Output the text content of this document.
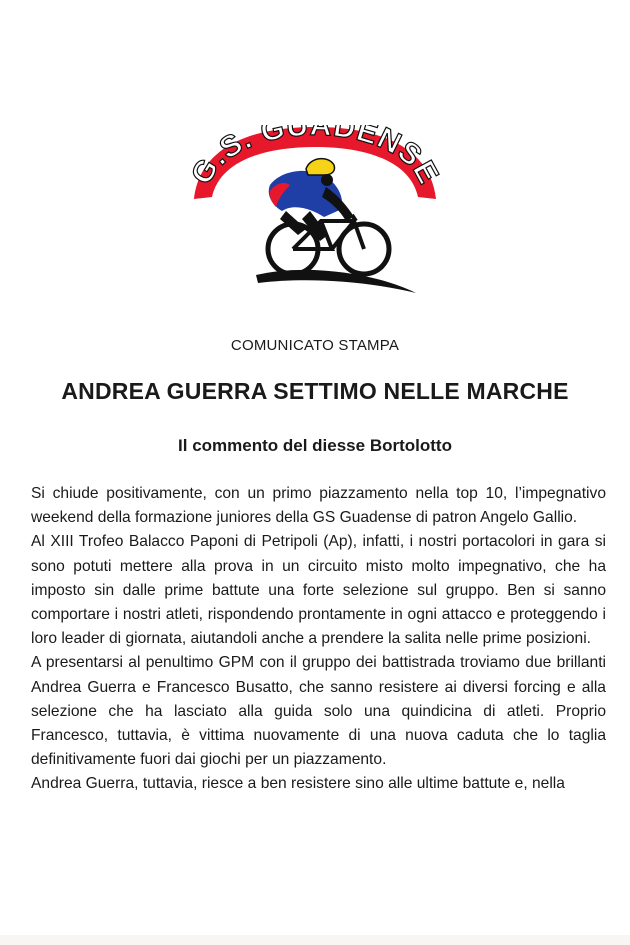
G.S. GUADENSE
COMUNICATO STAMPA
ANDREA GUERRA SETTIMO NELLE MARCHE
Il commento del diesse Bortolotto

Si chiude positivamente, con un primo piazzamento nella top 10, l’impegnativo weekend della formazione juniores della GS Guadense di patron Angelo Gallio.

Al XIII Trofeo Balacco Paponi di Petripoli (Ap), infatti, i nostri portacolori in gara si sono potuti mettere alla prova in un circuito misto molto impegnativo, che ha imposto sin dalle prime battute una forte selezione sul gruppo. Ben si sanno comportare i nostri atleti, rispondendo prontamente in ogni attacco e proteggendo i loro leader di giornata, aiutandoli anche a prendere la salita nelle prime posizioni.

A presentarsi al penultimo GPM con il gruppo dei battistrada troviamo due brillanti Andrea Guerra e Francesco Busatto, che sanno resistere ai diversi forcing e alla selezione che ha lasciato alla guida solo una quindicina di atleti. Proprio Francesco, tuttavia, è vittima nuovamente di una nuova caduta che lo taglia definitivamente fuori dai giochi per un piazzamento.

Andrea Guerra, tuttavia, riesce a ben resistere sino alle ultime battute e, nella
